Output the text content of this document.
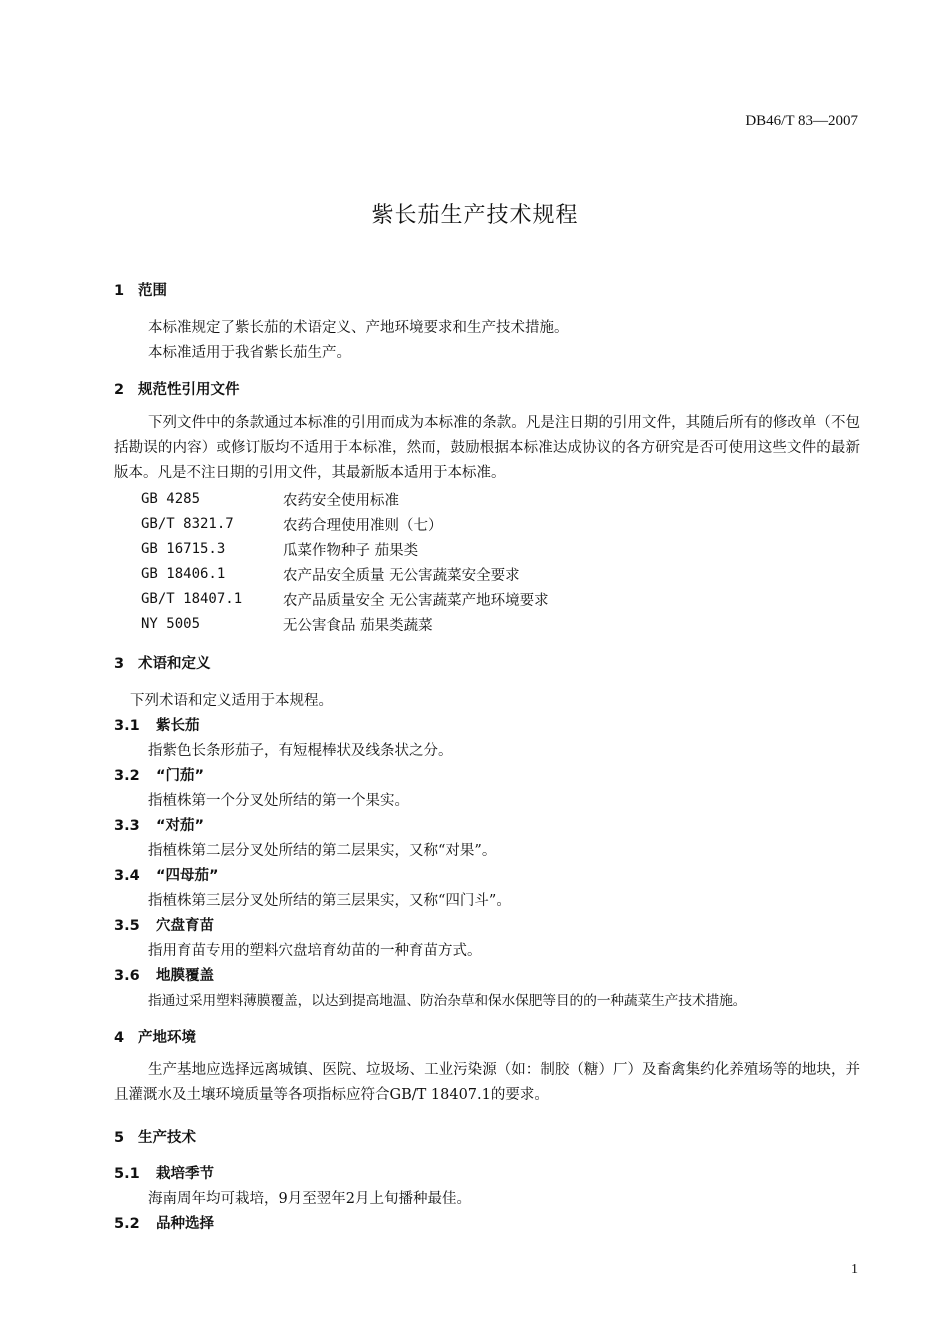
DB46/T 83—2007
紫长茄生产技术规程
1 范围
本标准规定了紫长茄的术语定义、产地环境要求和生产技术措施。
本标准适用于我省紫长茄生产。
2 规范性引用文件
下列文件中的条款通过本标准的引用而成为本标准的条款。凡是注日期的引用文件，其随后所有的修改单（不包括勘误的内容）或修订版均不适用于本标准，然而，鼓励根据本标准达成协议的各方研究是否可使用这些文件的最新版本。凡是不注日期的引用文件，其最新版本适用于本标准。
GB 4285	农药安全使用标准
GB/T 8321.7	农药合理使用准则（七）
GB 16715.3	瓜菜作物种子 茄果类
GB 18406.1	农产品安全质量 无公害蔬菜安全要求
GB/T 18407.1	农产品质量安全 无公害蔬菜产地环境要求
NY 5005	无公害食品 茄果类蔬菜
3 术语和定义
下列术语和定义适用于本规程。
3.1 紫长茄
指紫色长条形茄子，有短棍棒状及线条状之分。
3.2 “门茄”
指植株第一个分叉处所结的第一个果实。
3.3 “对茄”
指植株第二层分叉处所结的第二层果实，又称“对果”。
3.4 “四母茄”
指植株第三层分叉处所结的第三层果实，又称“四门斗”。
3.5 穴盘育苗
指用育苗专用的塑料穴盘培育幼苗的一种育苗方式。
3.6 地膜覆盖
指通过采用塑料薄膜覆盖，以达到提高地温、防治杂草和保水保肥等目的的一种蔬菜生产技术措施。
4 产地环境
生产基地应选择远离城镇、医院、垃圾场、工业污染源（如：制胶（糖）厂）及畜禽集约化养殖场等的地块，并且灌溉水及土壤环境质量等各项指标应符合GB/T 18407.1的要求。
5 生产技术
5.1 栽培季节
海南周年均可栽培，9月至翌年2月上旬播种最佳。
5.2 品种选择
1
